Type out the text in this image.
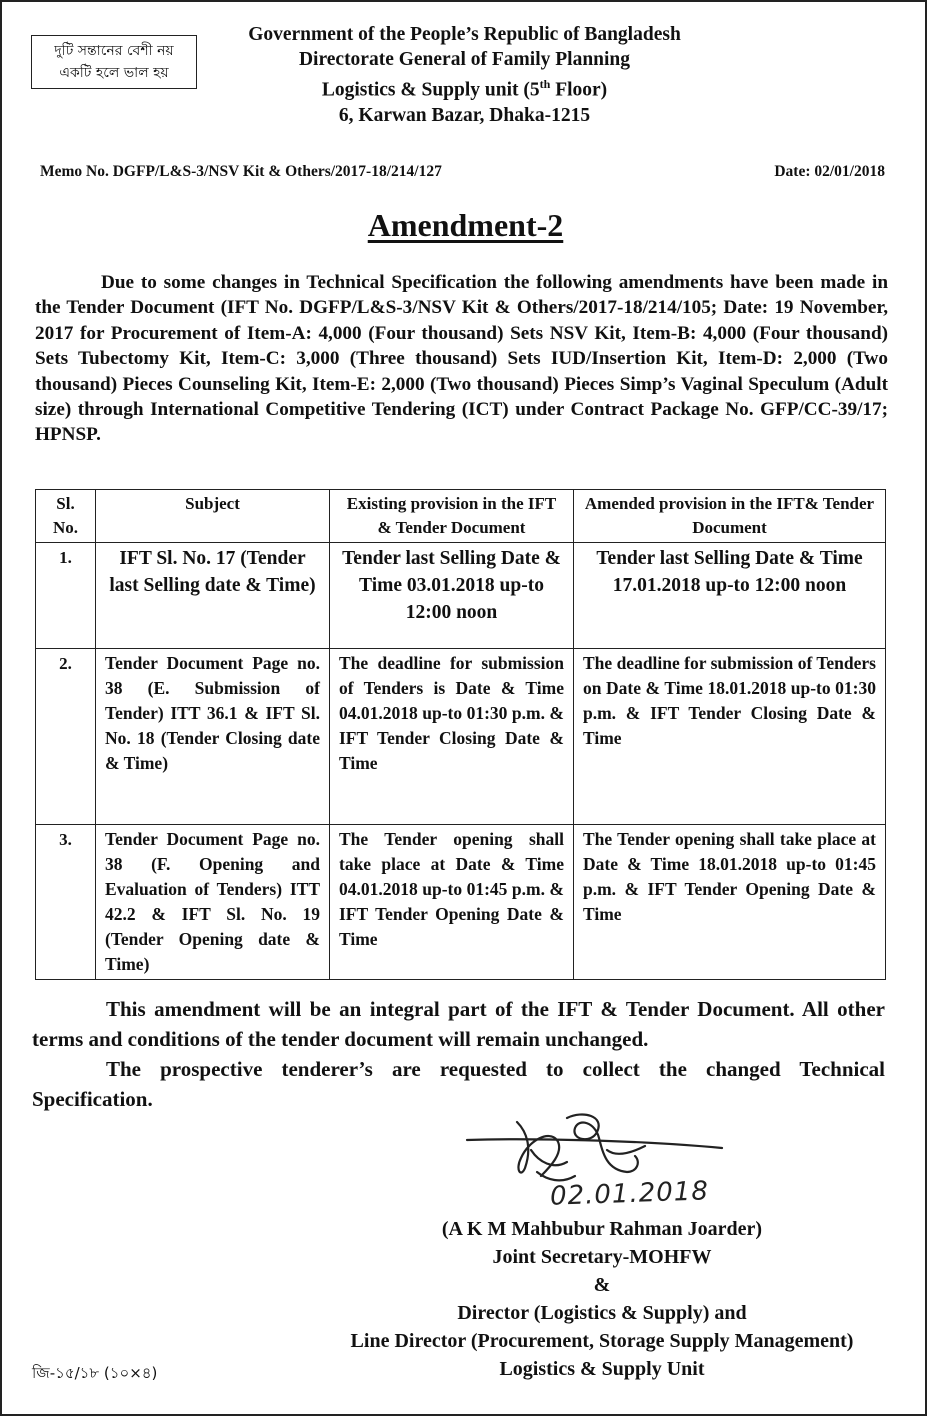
দুটি সন্তানের বেশী নয়
একটি হলে ভাল হয়
Government of the People’s Republic of Bangladesh
Directorate General of Family Planning
Logistics & Supply unit (5th Floor)
6, Karwan Bazar, Dhaka-1215
Memo No. DGFP/L&S-3/NSV Kit & Others/2017-18/214/127	Date: 02/01/2018
Amendment-2

Due to some changes in Technical Specification the following amendments have been made in the Tender Document (IFT No. DGFP/L&S-3/NSV Kit & Others/2017-18/214/105; Date: 19 November, 2017 for Procurement of Item-A: 4,000 (Four thousand) Sets NSV Kit, Item-B: 4,000 (Four thousand) Sets Tubectomy Kit, Item-C: 3,000 (Three thousand) Sets IUD/Insertion Kit, Item-D: 2,000 (Two thousand) Pieces Counseling Kit, Item-E: 2,000 (Two thousand) Pieces Simp’s Vaginal Speculum (Adult size) through International Competitive Tendering (ICT) under Contract Package No. GFP/CC-39/17; HPNSP.

Sl. No.	Subject	Existing provision in the IFT & Tender Document	Amended provision in the IFT& Tender Document
1.	IFT Sl. No. 17 (Tender last Selling date & Time)	Tender last Selling Date & Time 03.01.2018 up-to 12:00 noon	Tender last Selling Date & Time 17.01.2018 up-to 12:00 noon
2.	Tender Document Page no. 38 (E. Submission of Tender) ITT 36.1 & IFT Sl. No. 18 (Tender Closing date & Time)	The deadline for submission of Tenders is Date & Time 04.01.2018 up-to 01:30 p.m. & IFT Tender Closing Date & Time	The deadline for submission of Tenders on Date & Time 18.01.2018 up-to 01:30 p.m. & IFT Tender Closing Date & Time
3.	Tender Document Page no. 38 (F. Opening and Evaluation of Tenders) ITT 42.2 & IFT Sl. No. 19 (Tender Opening date & Time)	The Tender opening shall take place at Date & Time 04.01.2018 up-to 01:45 p.m. & IFT Tender Opening Date & Time	The Tender opening shall take place at Date & Time 18.01.2018 up-to 01:45 p.m. & IFT Tender Opening Date & Time

This amendment will be an integral part of the IFT & Tender Document. All other terms and conditions of the tender document will remain unchanged.

The prospective tenderer’s are requested to collect the changed Technical Specification.

02.01.2018
(A K M Mahbubur Rahman Joarder)
Joint Secretary-MOHFW
&
Director (Logistics & Supply) and
Line Director (Procurement, Storage Supply Management)
Logistics & Supply Unit
জি-১৫/১৮ (১০×৪)
